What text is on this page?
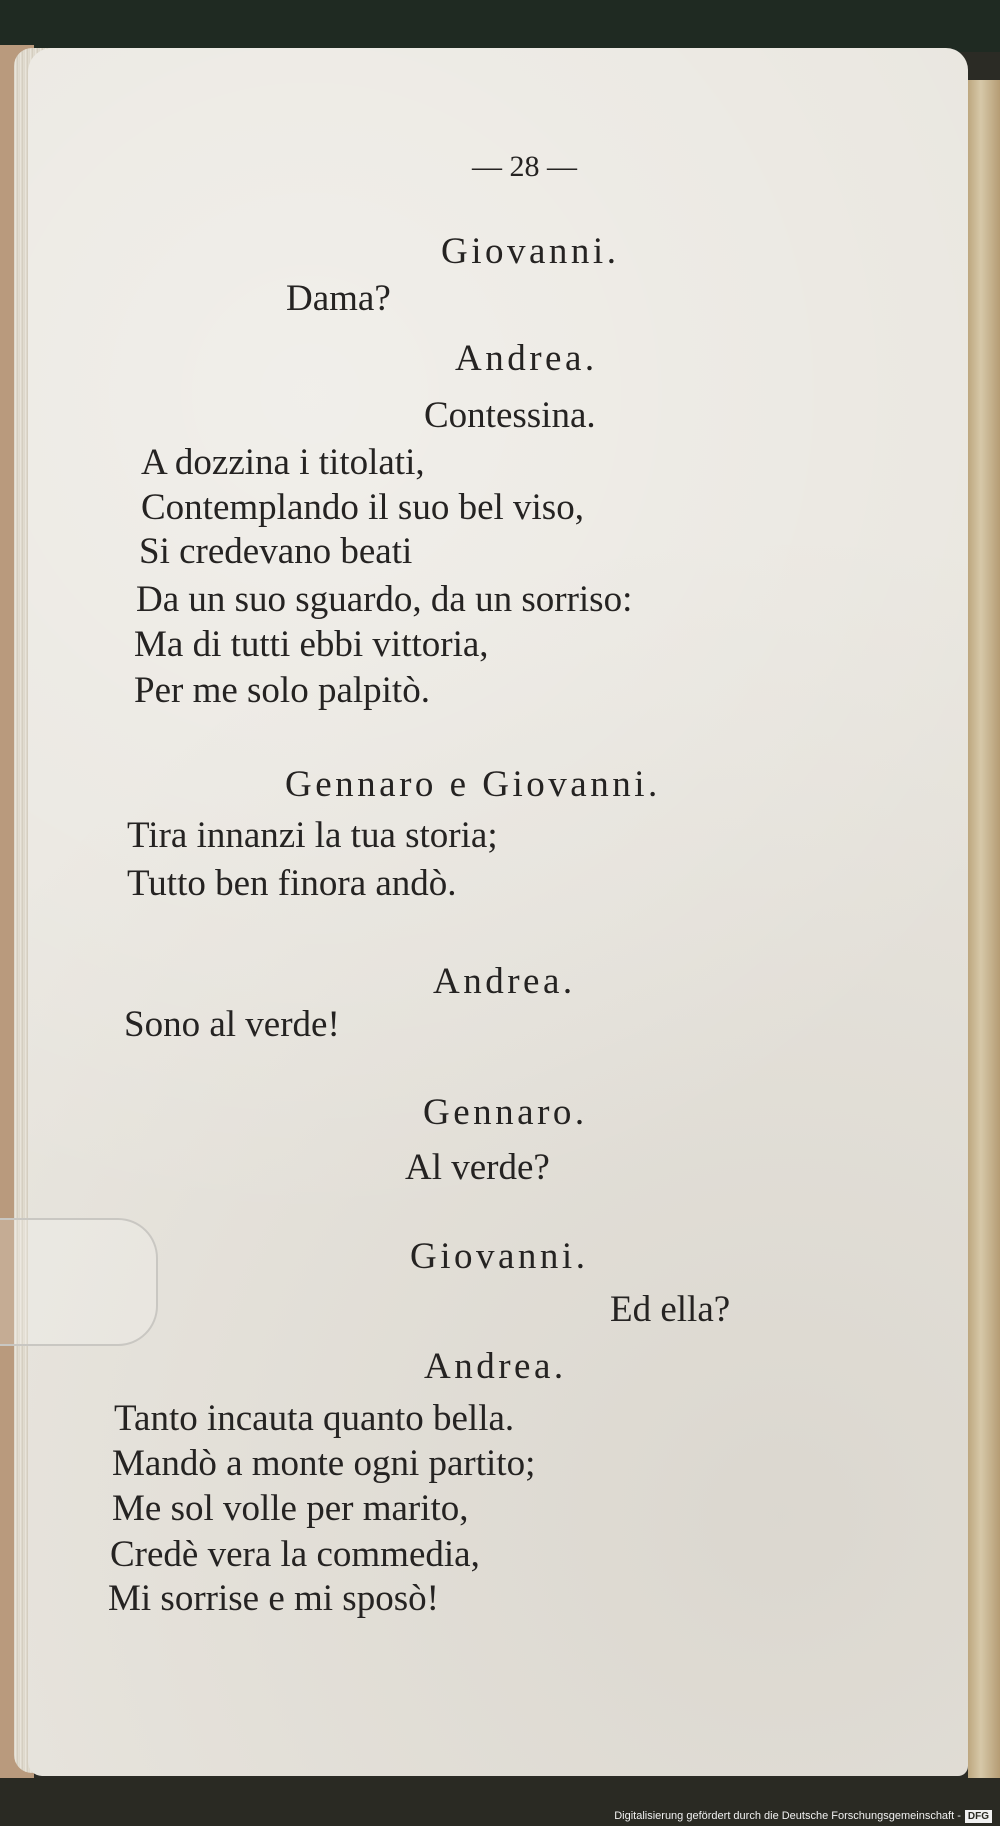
— 28 —
Giovanni.
Dama?
Andrea.
Contessina.
A dozzina i titolati,
Contemplando il suo bel viso,
Si credevano beati
Da un suo sguardo, da un sorriso:
Ma di tutti ebbi vittoria,
Per me solo palpitò.
Gennaro e Giovanni.
Tira innanzi la tua storia;
Tutto ben finora andò.
Andrea.
Sono al verde!
Gennaro.
Al verde?
Giovanni.
Ed ella?
Andrea.
Tanto incauta quanto bella.
Mandò a monte ogni partito;
Me sol volle per marito,
Credè vera la commedia,
Mi sorrise e mi sposò!
Digitalisierung gefördert durch die Deutsche Forschungsgemeinschaft - DFG
